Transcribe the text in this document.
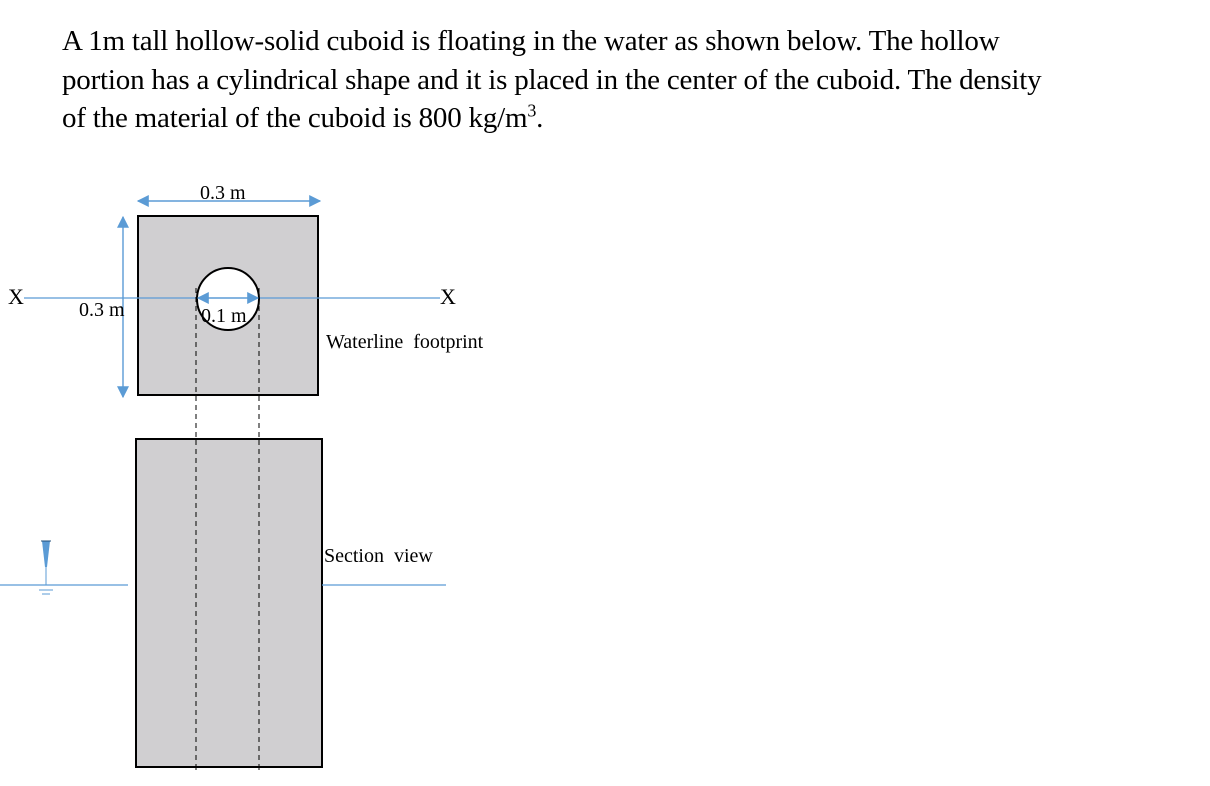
A 1m tall hollow-solid cuboid is floating in the water as shown below. The hollow
portion has a cylindrical shape and it is placed in the center of the cuboid. The density
of the material of the cuboid is 800 $kg/m^3$.

X	X
0.1 m
0.3 m
0.3 m
Waterline  footprint
Section  view
